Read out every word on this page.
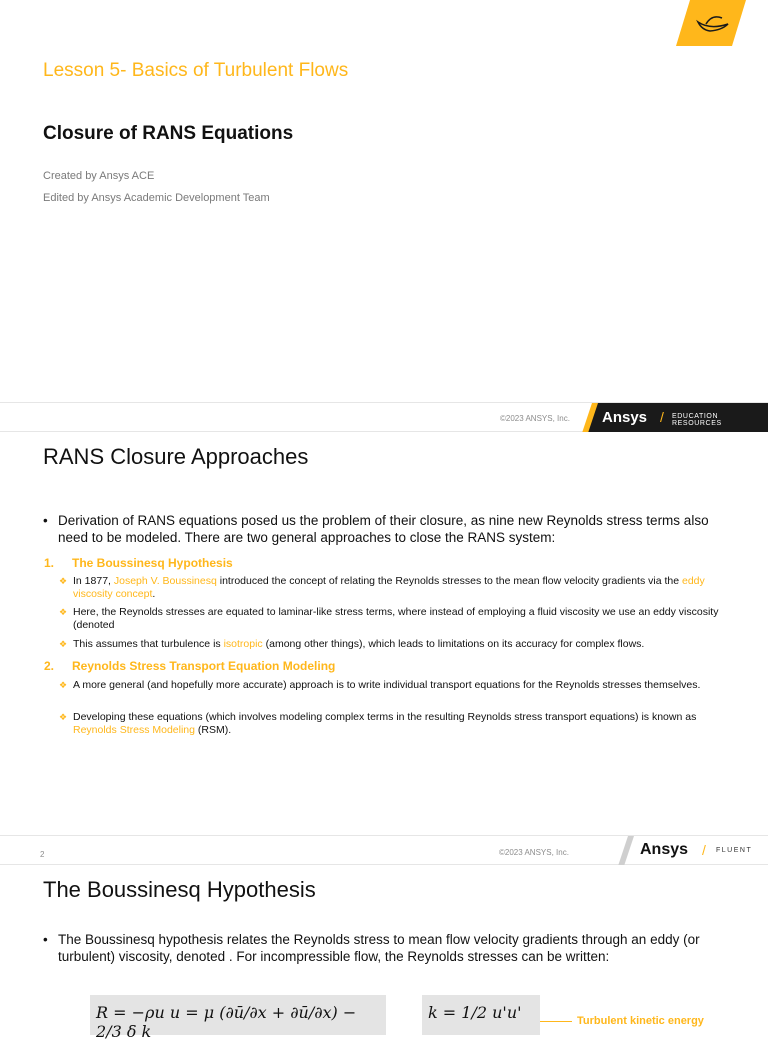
Lesson 5- Basics of Turbulent Flows
Closure of RANS Equations
Created by Ansys ACE
Edited by Ansys Academic Development Team
©2023 ANSYS, Inc. Ansys / EDUCATION RESOURCES
RANS Closure Approaches
• Derivation of RANS equations posed us the problem of their closure, as nine new Reynolds stress terms also need to be modeled. There are two general approaches to close the RANS system:
1. The Boussinesq Hypothesis
❖ In 1877, Joseph V. Boussinesq introduced the concept of relating the Reynolds stresses to the mean flow velocity gradients via the eddy viscosity concept.
❖ Here, the Reynolds stresses are equated to laminar-like stress terms, where instead of employing a fluid viscosity we use an eddy viscosity (denoted
❖ This assumes that turbulence is isotropic (among other things), which leads to limitations on its accuracy for complex flows.
2. Reynolds Stress Transport Equation Modeling
❖ A more general (and hopefully more accurate) approach is to write individual transport equations for the Reynolds stresses themselves.
❖ Developing these equations (which involves modeling complex terms in the resulting Reynolds stress transport equations) is known as Reynolds Stress Modeling (RSM).
2	©2023 ANSYS, Inc.	Ansys / FLUENT
The Boussinesq Hypothesis
• The Boussinesq hypothesis relates the Reynolds stress to mean flow velocity gradients through an eddy (or turbulent) viscosity, denoted . For incompressible flow, the Reynolds stresses can be written:
R = −ρu u = μ (∂ū/∂x + ∂ū/∂x) − 2/3 δ k
k = 1/2 u'u'	Turbulent kinetic energy
